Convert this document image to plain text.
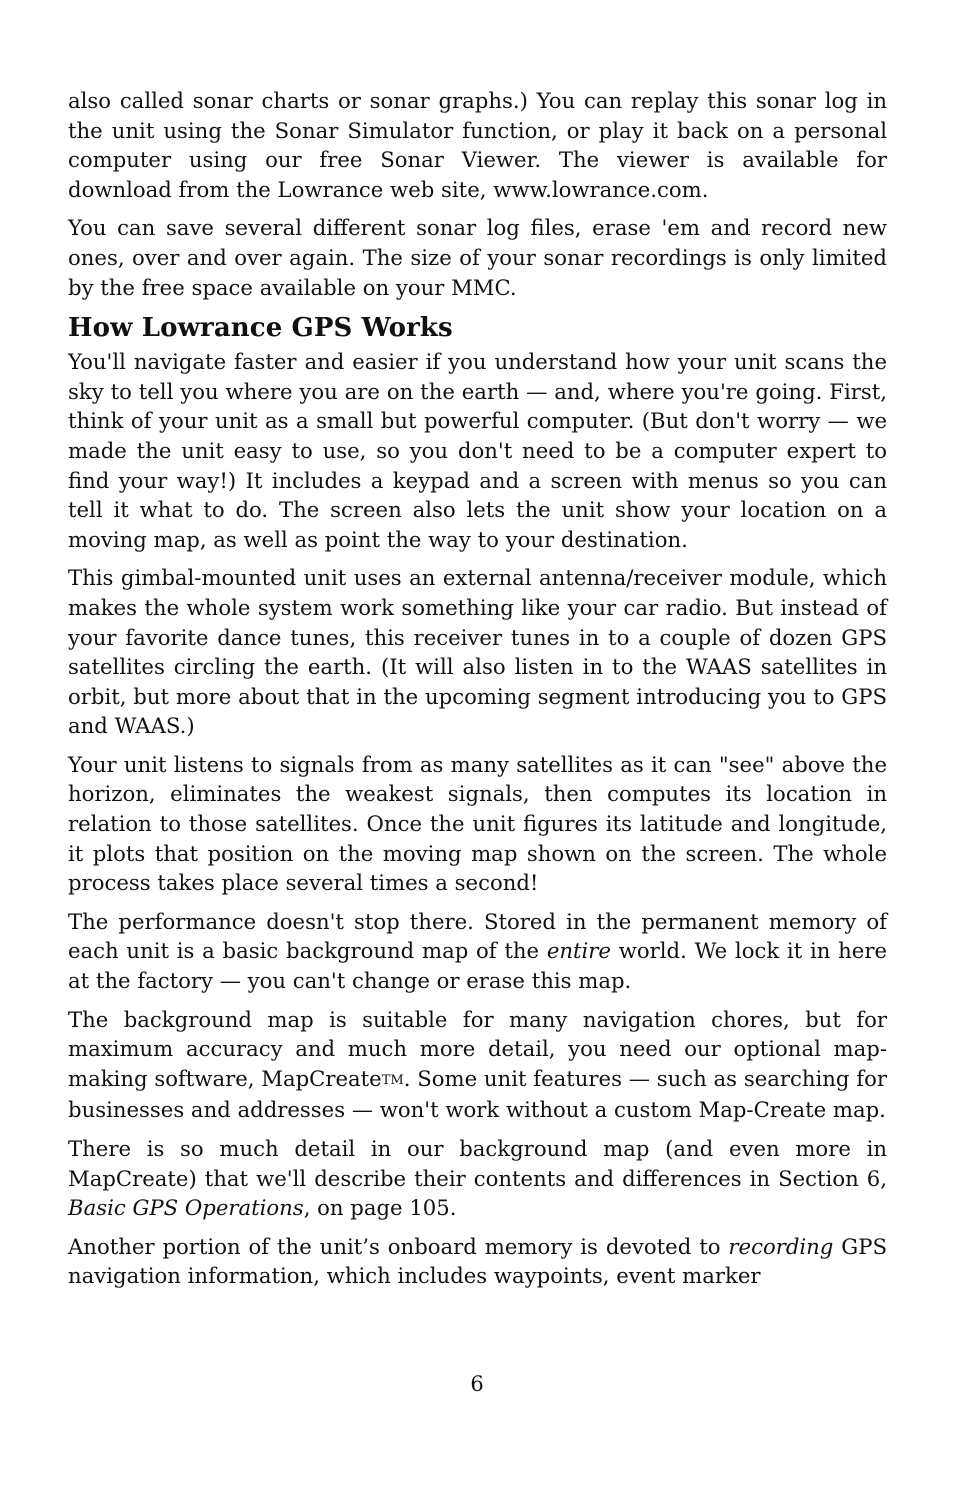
also called sonar charts or sonar graphs.) You can replay this sonar log in the unit using the Sonar Simulator function, or play it back on a personal computer using our free Sonar Viewer. The viewer is available for download from the Lowrance web site, www.lowrance.com.

You can save several different sonar log files, erase 'em and record new ones, over and over again. The size of your sonar recordings is only limited by the free space available on your MMC.

How Lowrance GPS Works

You'll navigate faster and easier if you understand how your unit scans the sky to tell you where you are on the earth — and, where you're going. First, think of your unit as a small but powerful computer. (But don't worry — we made the unit easy to use, so you don't need to be a computer expert to find your way!) It includes a keypad and a screen with menus so you can tell it what to do. The screen also lets the unit show your location on a moving map, as well as point the way to your destination.

This gimbal-mounted unit uses an external antenna/receiver module, which makes the whole system work something like your car radio. But instead of your favorite dance tunes, this receiver tunes in to a couple of dozen GPS satellites circling the earth. (It will also listen in to the WAAS satellites in orbit, but more about that in the upcoming segment introducing you to GPS and WAAS.)

Your unit listens to signals from as many satellites as it can "see" above the horizon, eliminates the weakest signals, then computes its location in relation to those satellites. Once the unit figures its latitude and longitude, it plots that position on the moving map shown on the screen. The whole process takes place several times a second!

The performance doesn't stop there. Stored in the permanent memory of each unit is a basic background map of the entire world. We lock it in here at the factory — you can't change or erase this map.

The background map is suitable for many navigation chores, but for maximum accuracy and much more detail, you need our optional map-making software, MapCreateTM. Some unit features — such as searching for businesses and addresses — won't work without a custom Map-Create map.

There is so much detail in our background map (and even more in MapCreate) that we'll describe their contents and differences in Section 6, Basic GPS Operations, on page 105.

Another portion of the unit’s onboard memory is devoted to recording GPS navigation information, which includes waypoints, event marker

6
